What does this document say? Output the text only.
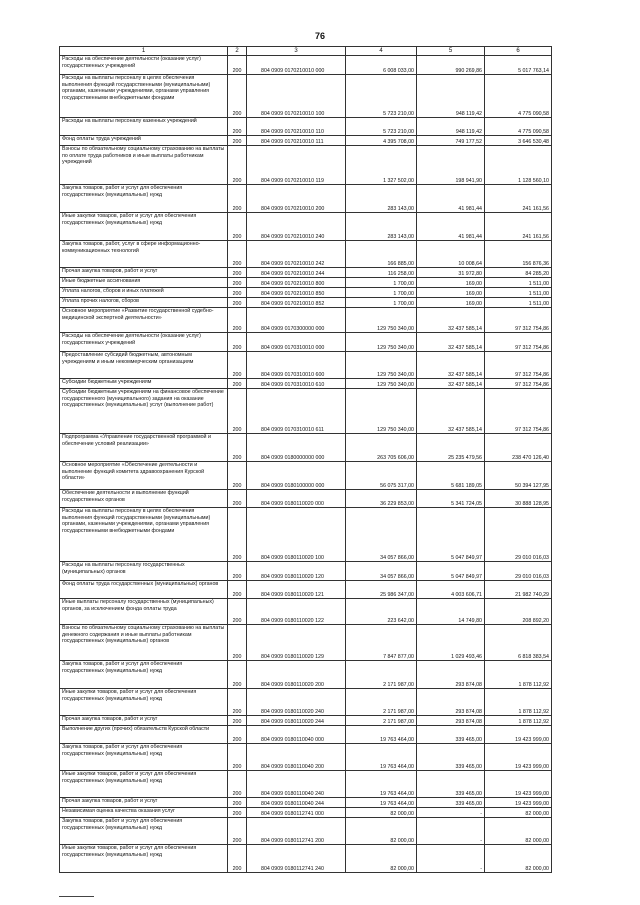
76
1	2	3	4	5	6
Расходы на обеспечение деятельности (оказание услуг) государственных учреждений	200	804 0909 0170210010 000	6 008 033,00	990 269,86	5 017 763,14
Расходы на выплаты персоналу в целях обеспечения выполнения функций государственными (муниципальными) органами, казенными учреждениями, органами управления государственными внебюджетными фондами	200	804 0909 0170210010 100	5 723 210,00	948 119,42	4 775 090,58
Расходы на выплаты персоналу казенных учреждений	200	804 0909 0170210010 110	5 723 210,00	948 119,42	4 775 090,58
Фонд оплаты труда учреждений	200	804 0909 0170210010 111	4 395 708,00	749 177,52	3 646 530,48
Взносы по обязательному социальному страхованию на выплаты по оплате труда работников и иные выплаты работникам учреждений	200	804 0909 0170210010 119	1 327 502,00	198 941,90	1 128 560,10
Закупка товаров, работ и услуг для обеспечения государственных (муниципальных) нужд	200	804 0909 0170210010 200	283 143,00	41 981,44	241 161,56
Иные закупки товаров, работ и услуг для обеспечения государственных (муниципальных) нужд	200	804 0909 0170210010 240	283 143,00	41 981,44	241 161,56
Закупка товаров, работ, услуг в сфере информационно-коммуникационных технологий	200	804 0909 0170210010 242	166 885,00	10 008,64	156 876,36
Прочая закупка товаров, работ и услуг	200	804 0909 0170210010 244	116 258,00	31 972,80	84 285,20
Иные бюджетные ассигнования	200	804 0909 0170210010 800	1 700,00	169,00	1 511,00
Уплата налогов, сборов и иных платежей	200	804 0909 0170210010 850	1 700,00	169,00	1 511,00
Уплата прочих налогов, сборов	200	804 0909 0170210010 852	1 700,00	169,00	1 511,00
Основное мероприятие «Развитие государственной судебно-медицинской экспертной деятельности»	200	804 0909 0170300000 000	129 750 340,00	32 437 585,14	97 312 754,86
Расходы на обеспечение деятельности (оказание услуг) государственных учреждений	200	804 0909 0170310010 000	129 750 340,00	32 437 585,14	97 312 754,86
Предоставление субсидий бюджетным, автономным учреждениям и иным некоммерческим организациям	200	804 0909 0170310010 600	129 750 340,00	32 437 585,14	97 312 754,86
Субсидии бюджетным учреждениям	200	804 0909 0170310010 610	129 750 340,00	32 437 585,14	97 312 754,86
Субсидии бюджетным учреждениям на финансовое обеспечение государственного (муниципального) задания на оказание государственных (муниципальных) услуг (выполнение работ)	200	804 0909 0170310010 611	129 750 340,00	32 437 585,14	97 312 754,86
Подпрограмма «Управление государственной программой и обеспечение условий реализации»	200	804 0909 0180000000 000	263 705 606,00	25 235 479,56	238 470 126,40
Основное мероприятие «Обеспечение деятельности и выполнение функций комитета здравоохранения Курской области»	200	804 0909 0180100000 000	56 075 317,00	5 681 189,05	50 394 127,95
Обеспечение деятельности и выполнение функций государственных органов	200	804 0909 0180110020 000	36 229 853,00	5 341 724,05	30 888 128,95
Расходы на выплаты персоналу в целях обеспечения выполнения функций государственными (муниципальными) органами, казенными учреждениями, органами управления государственными внебюджетными фондами	200	804 0909 0180110020 100	34 057 866,00	5 047 849,97	29 010 016,03
Расходы на выплаты персоналу государственных (муниципальных) органов	200	804 0909 0180110020 120	34 057 866,00	5 047 849,97	29 010 016,03
Фонд оплаты труда государственных (муниципальных) органов	200	804 0909 0180110020 121	25 986 347,00	4 003 606,71	21 982 740,29
Иные выплаты персоналу государственных (муниципальных) органов, за исключением фонда оплаты труда	200	804 0909 0180110020 122	223 642,00	14 749,80	208 892,20
Взносы по обязательному социальному страхованию на выплаты денежного содержания и иные выплаты работникам государственных (муниципальных) органов	200	804 0909 0180110020 129	7 847 877,00	1 029 493,46	6 818 383,54
Закупка товаров, работ и услуг для обеспечения государственных (муниципальных) нужд	200	804 0909 0180110020 200	2 171 987,00	293 874,08	1 878 112,92
Иные закупки товаров, работ и услуг для обеспечения государственных (муниципальных) нужд	200	804 0909 0180110020 240	2 171 987,00	293 874,08	1 878 112,92
Прочая закупка товаров, работ и услуг	200	804 0909 0180110020 244	2 171 987,00	293 874,08	1 878 112,92
Выполнение других (прочих) обязательств Курской области	200	804 0909 0180110040 000	19 763 464,00	339 465,00	19 423 999,00
Закупка товаров, работ и услуг для обеспечения государственных (муниципальных) нужд	200	804 0909 0180110040 200	19 763 464,00	339 465,00	19 423 999,00
Иные закупки товаров, работ и услуг для обеспечения государственных (муниципальных) нужд	200	804 0909 0180110040 240	19 763 464,00	339 465,00	19 423 999,00
Прочая закупка товаров, работ и услуг	200	804 0909 0180110040 244	19 763 464,00	339 465,00	19 423 999,00
Независимая оценка качества оказания услуг	200	804 0909 0180112741 000	82 000,00	-	82 000,00
Закупка товаров, работ и услуг для обеспечения государственных (муниципальных) нужд	200	804 0909 0180112741 200	82 000,00	-	82 000,00
Иные закупки товаров, работ и услуг для обеспечения государственных (муниципальных) нужд	200	804 0909 0180112741 240	82 000,00	-	82 000,00
